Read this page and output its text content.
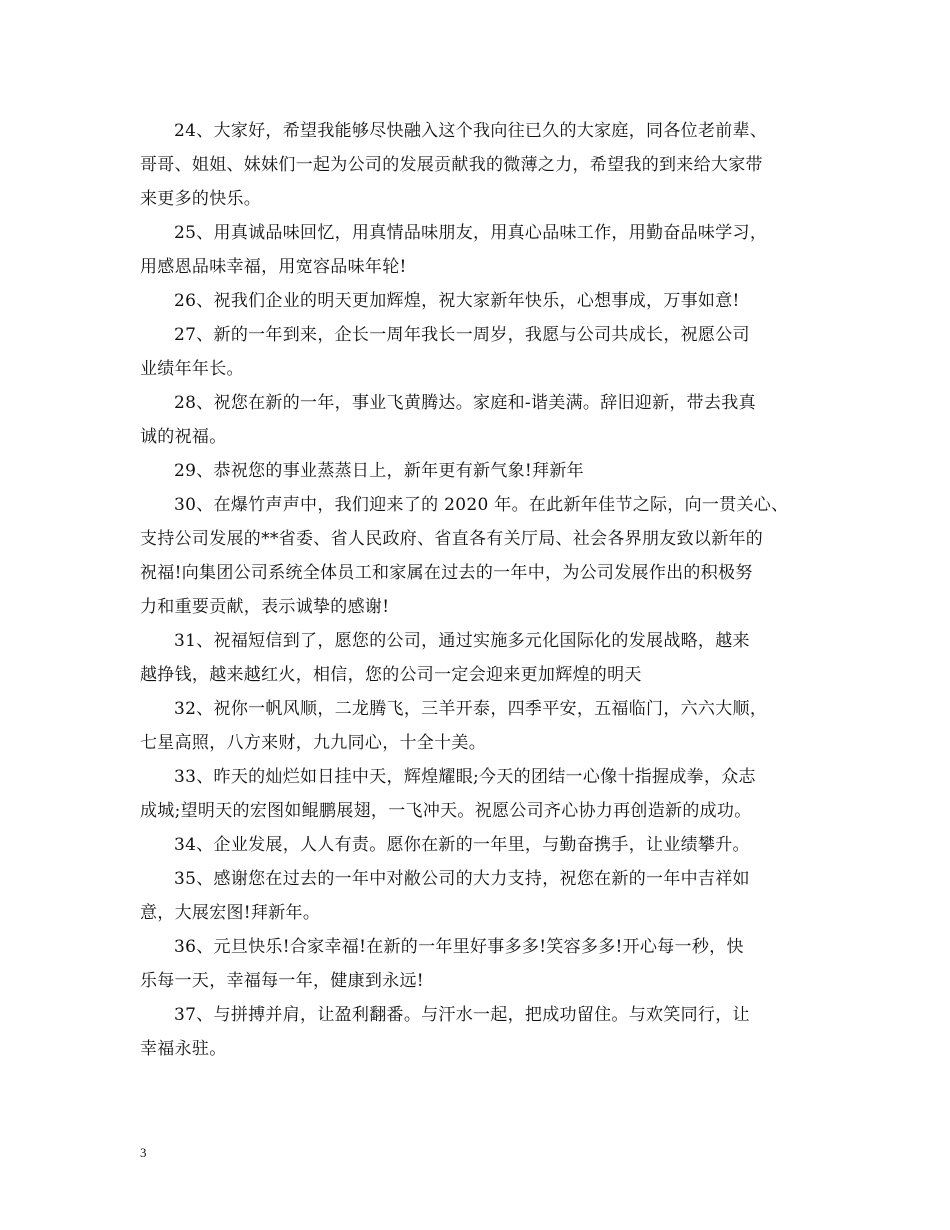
24、大家好，希望我能够尽快融入这个我向往已久的大家庭，同各位老前辈、
哥哥、姐姐、妹妹们一起为公司的发展贡献我的微薄之力，希望我的到来给大家带
来更多的快乐。

25、用真诚品味回忆，用真情品味朋友，用真心品味工作，用勤奋品味学习，
用感恩品味幸福，用宽容品味年轮!

26、祝我们企业的明天更加辉煌，祝大家新年快乐，心想事成，万事如意!

27、新的一年到来，企长一周年我长一周岁，我愿与公司共成长，祝愿公司
业绩年年长。

28、祝您在新的一年，事业飞黄腾达。家庭和-谐美满。辞旧迎新，带去我真
诚的祝福。

29、恭祝您的事业蒸蒸日上，新年更有新气象!拜新年

30、在爆竹声声中，我们迎来了的 2020 年。在此新年佳节之际，向一贯关心、
支持公司发展的**省委、省人民政府、省直各有关厅局、社会各界朋友致以新年的
祝福!向集团公司系统全体员工和家属在过去的一年中，为公司发展作出的积极努
力和重要贡献，表示诚挚的感谢!

31、祝福短信到了，愿您的公司，通过实施多元化国际化的发展战略，越来
越挣钱，越来越红火，相信，您的公司一定会迎来更加辉煌的明天

32、祝你一帆风顺，二龙腾飞，三羊开泰，四季平安，五福临门，六六大顺，
七星高照，八方来财，九九同心，十全十美。

33、昨天的灿烂如日挂中天，辉煌耀眼;今天的团结一心像十指握成拳，众志
成城;望明天的宏图如鲲鹏展翅，一飞冲天。祝愿公司齐心协力再创造新的成功。

34、企业发展，人人有责。愿你在新的一年里，与勤奋携手，让业绩攀升。

35、感谢您在过去的一年中对敝公司的大力支持，祝您在新的一年中吉祥如
意，大展宏图!拜新年。

36、元旦快乐!合家幸福!在新的一年里好事多多!笑容多多!开心每一秒，快
乐每一天，幸福每一年，健康到永远!

37、与拼搏并肩，让盈利翻番。与汗水一起，把成功留住。与欢笑同行，让
幸福永驻。

3
